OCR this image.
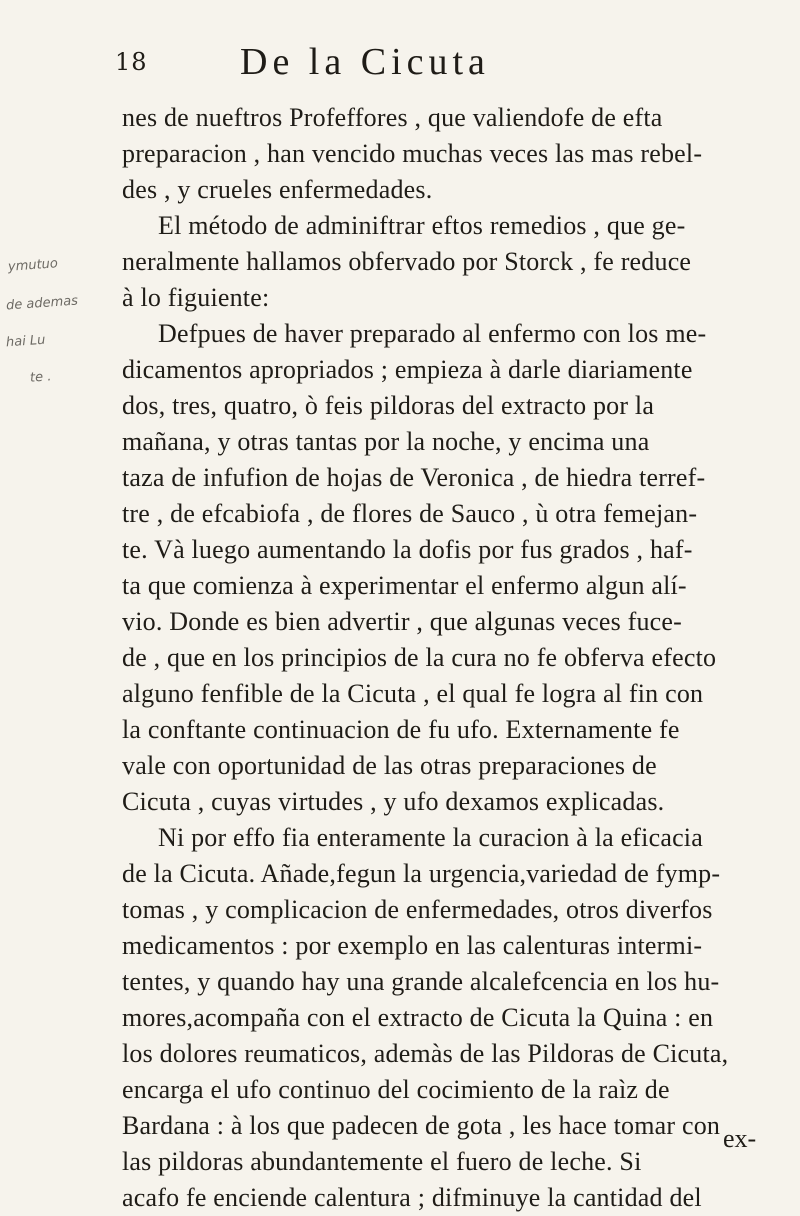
18 De la Cicuta
ymutuo
de ademas
hai Lu
te .
nes de nueftros Profeffores , que valiendofe de efta
preparacion , han vencido muchas veces las mas rebel-
des , y crueles enfermedades.
El método de adminiftrar eftos remedios , que ge-
neralmente hallamos obfervado por Storck , fe reduce
à lo figuiente:
Defpues de haver preparado al enfermo con los me-
dicamentos apropriados ; empieza à darle diariamente
dos, tres, quatro, ò feis pildoras del extracto por la
mañana, y otras tantas por la noche, y encima una
taza de infufion de hojas de Veronica , de hiedra terref-
tre , de efcabiofa , de flores de Sauco , ù otra femejan-
te. Và luego aumentando la dofis por fus grados , haf-
ta que comienza à experimentar el enfermo algun alí-
vio. Donde es bien advertir , que algunas veces fuce-
de , que en los principios de la cura no fe obferva efecto
alguno fenfible de la Cicuta , el qual fe logra al fin con
la conftante continuacion de fu ufo. Externamente fe
vale con oportunidad de las otras preparaciones de
Cicuta , cuyas virtudes , y ufo dexamos explicadas.
Ni por effo fia enteramente la curacion à la eficacia
de la Cicuta. Añade,fegun la urgencia,variedad de fymp-
tomas , y complicacion de enfermedades, otros diverfos
medicamentos : por exemplo en las calenturas intermi-
tentes, y quando hay una grande alcalefcencia en los hu-
mores,acompaña con el extracto de Cicuta la Quina : en
los dolores reumaticos, ademàs de las Pildoras de Cicuta,
encarga el ufo continuo del cocimiento de la raìz de
Bardana : à los que padecen de gota , les hace tomar con
las pildoras abundantemente el fuero de leche. Si
acafo fe enciende calentura ; difminuye la cantidad del
ex-
